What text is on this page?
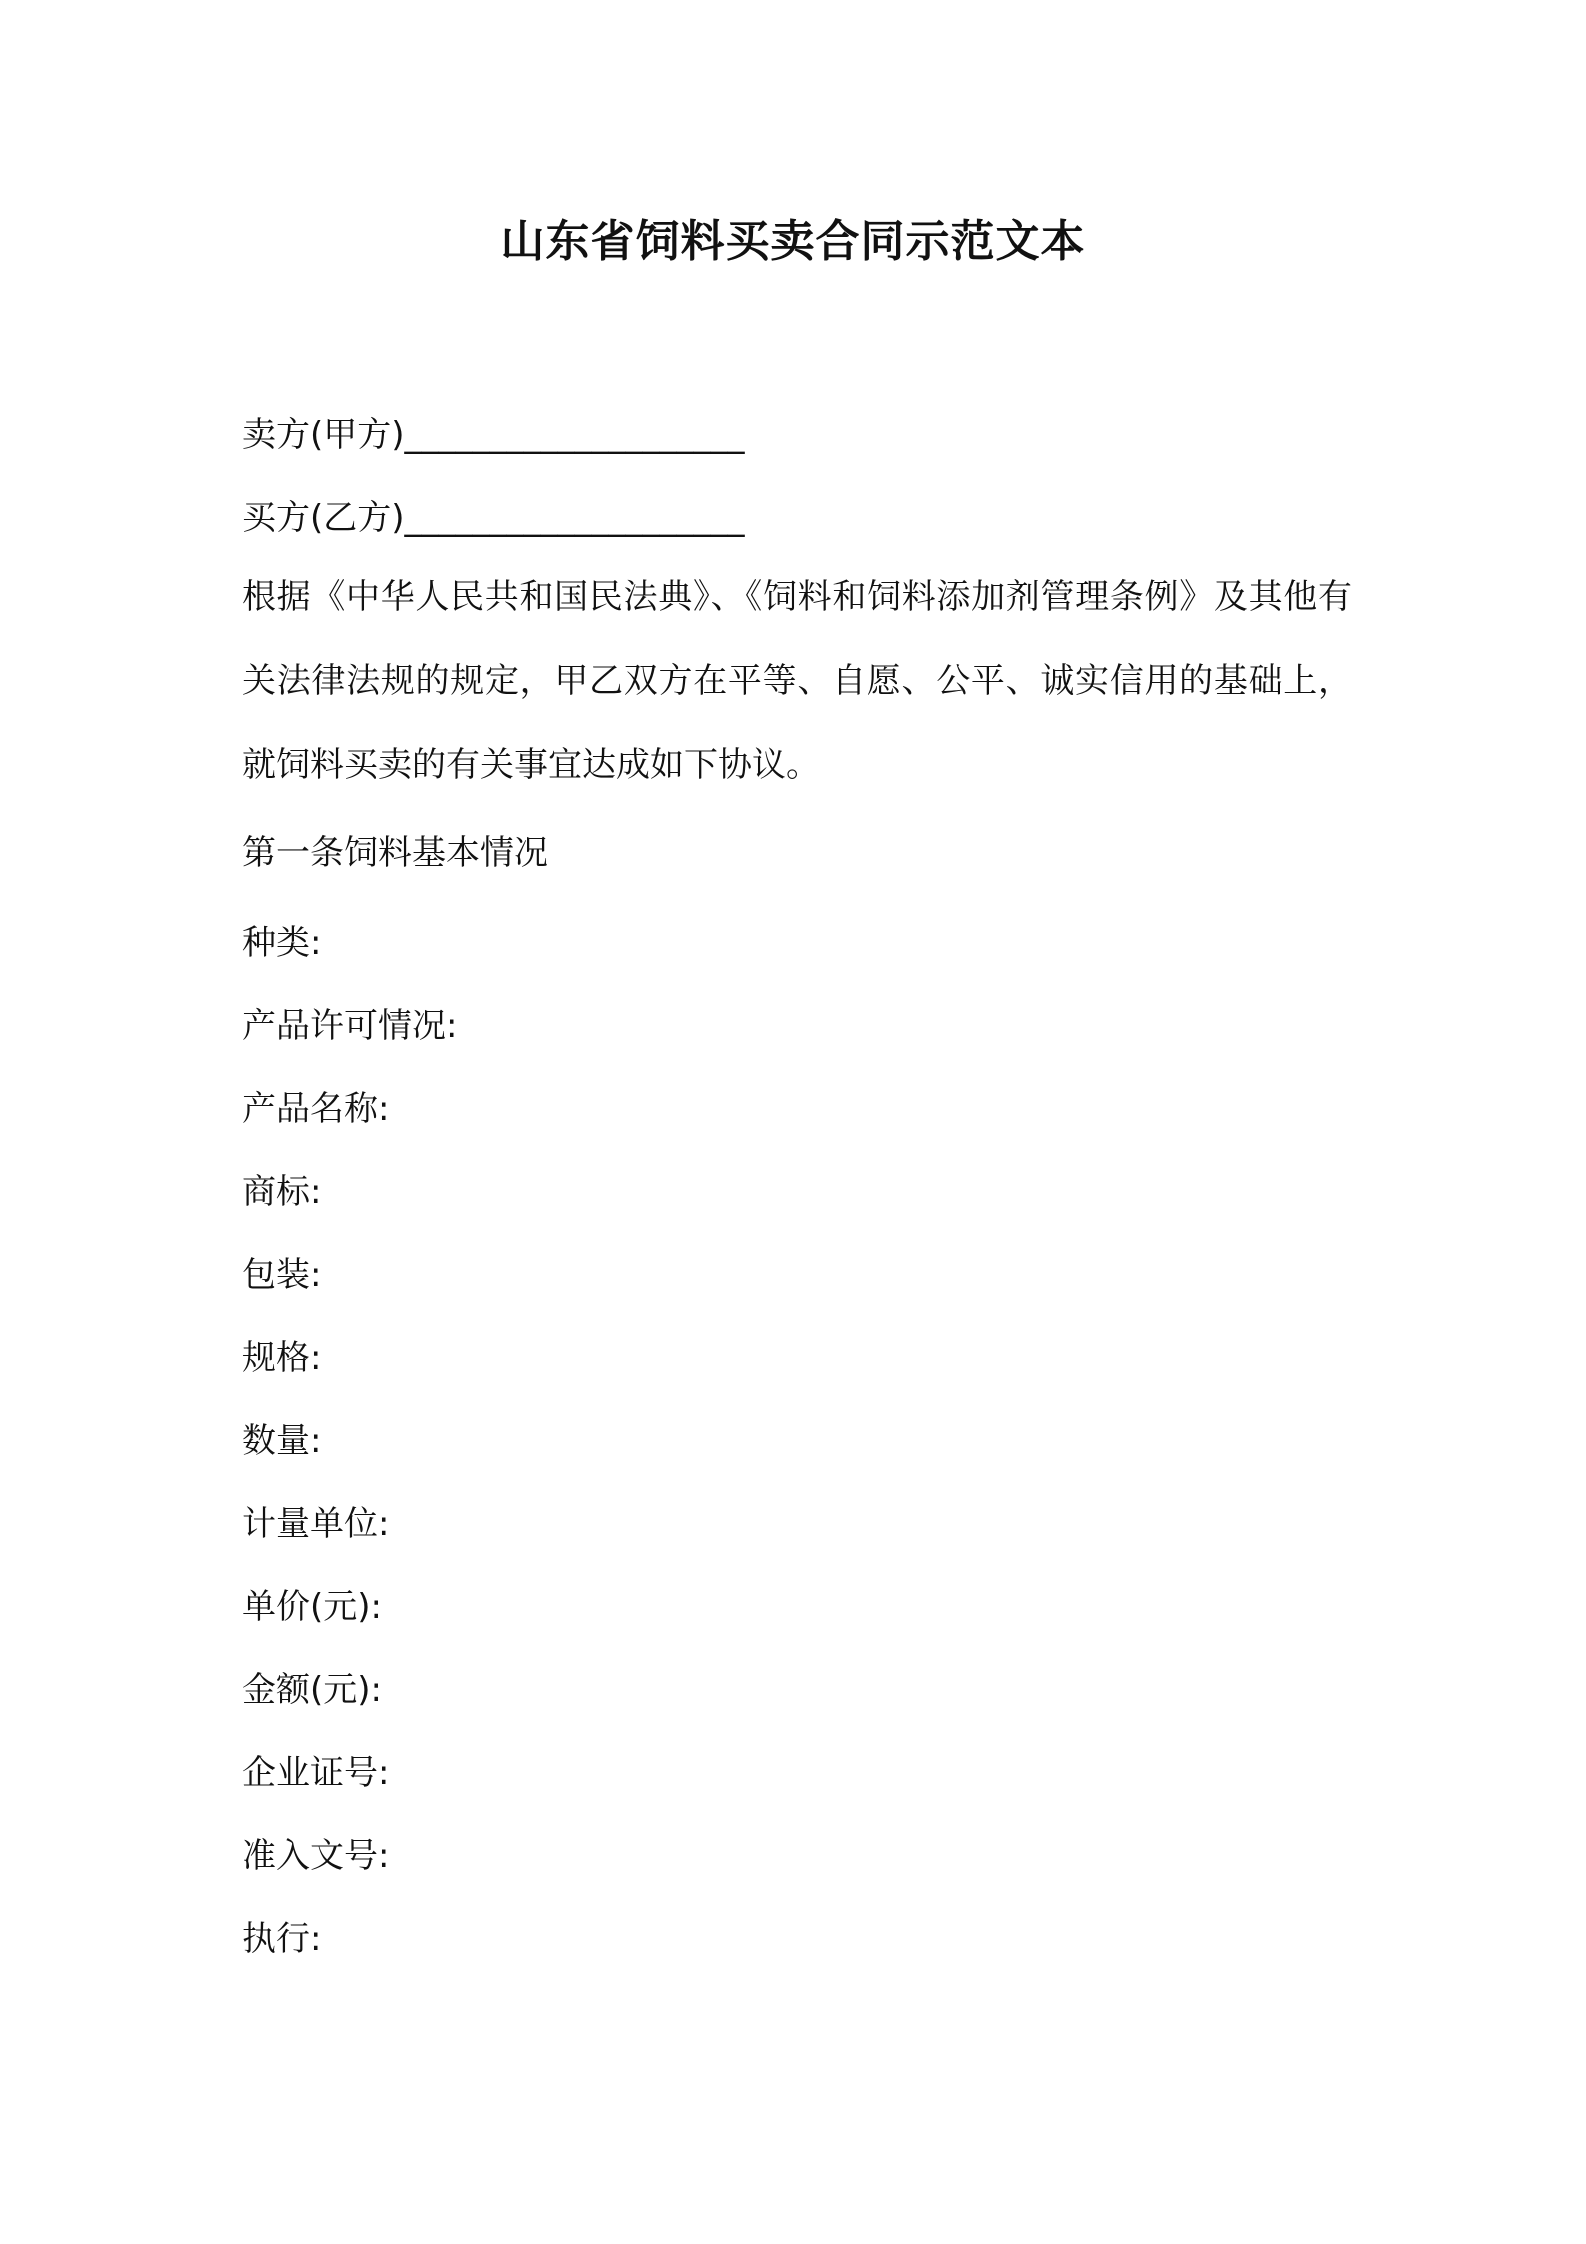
山东省饲料买卖合同示范文本

卖方(甲方)____________________

买方(乙方)____________________

根据《中华人民共和国民法典》、《饲料和饲料添加剂管理条例》及其他有关法律法规的规定，甲乙双方在平等、自愿、公平、诚实信用的基础上，就饲料买卖的有关事宜达成如下协议。

第一条饲料基本情况

种类:

产品许可情况:

产品名称:

商标:

包装:

规格:

数量:

计量单位:

单价(元):

金额(元):

企业证号:

准入文号:

执行:
